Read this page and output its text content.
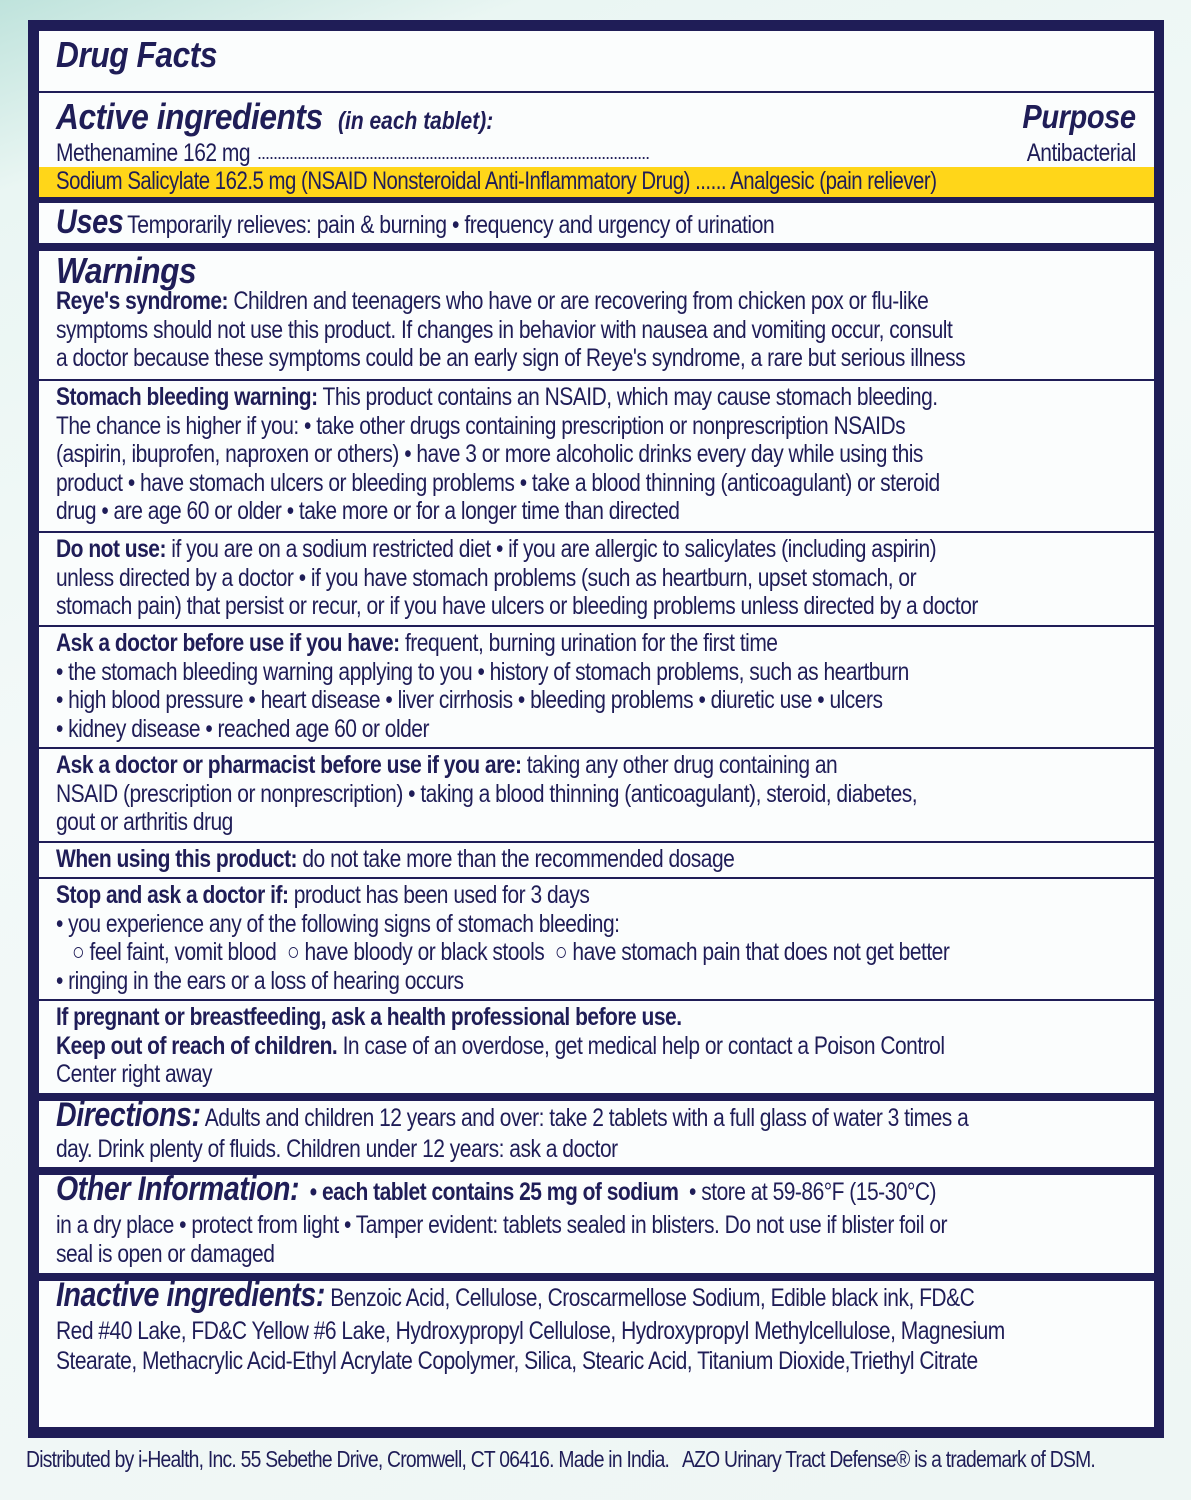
Drug Facts
Active ingredients (in each tablet):	Purpose
Methenamine 162 mg ..................................................................................................	Antibacterial
Sodium Salicylate 162.5 mg (NSAID Nonsteroidal Anti-Inflammatory Drug) ...... Analgesic (pain reliever)
Uses Temporarily relieves: pain & burning • frequency and urgency of urination
Warnings
Reye's syndrome: Children and teenagers who have or are recovering from chicken pox or flu-like
symptoms should not use this product. If changes in behavior with nausea and vomiting occur, consult
a doctor because these symptoms could be an early sign of Reye's syndrome, a rare but serious illness
Stomach bleeding warning: This product contains an NSAID, which may cause stomach bleeding.
The chance is higher if you: • take other drugs containing prescription or nonprescription NSAIDs
(aspirin, ibuprofen, naproxen or others) • have 3 or more alcoholic drinks every day while using this
product • have stomach ulcers or bleeding problems • take a blood thinning (anticoagulant) or steroid
drug • are age 60 or older • take more or for a longer time than directed
Do not use: if you are on a sodium restricted diet • if you are allergic to salicylates (including aspirin)
unless directed by a doctor • if you have stomach problems (such as heartburn, upset stomach, or
stomach pain) that persist or recur, or if you have ulcers or bleeding problems unless directed by a doctor
Ask a doctor before use if you have: frequent, burning urination for the first time
• the stomach bleeding warning applying to you • history of stomach problems, such as heartburn
• high blood pressure • heart disease • liver cirrhosis • bleeding problems • diuretic use • ulcers
• kidney disease • reached age 60 or older
Ask a doctor or pharmacist before use if you are: taking any other drug containing an
NSAID (prescription or nonprescription) • taking a blood thinning (anticoagulant), steroid, diabetes,
gout or arthritis drug
When using this product: do not take more than the recommended dosage
Stop and ask a doctor if: product has been used for 3 days
• you experience any of the following signs of stomach bleeding:
○ feel faint, vomit blood  ○ have bloody or black stools  ○ have stomach pain that does not get better
• ringing in the ears or a loss of hearing occurs
If pregnant or breastfeeding, ask a health professional before use.
Keep out of reach of children. In case of an overdose, get medical help or contact a Poison Control
Center right away
Directions: Adults and children 12 years and over: take 2 tablets with a full glass of water 3 times a
day. Drink plenty of fluids. Children under 12 years: ask a doctor
Other Information:  • each tablet contains 25 mg of sodium  • store at 59-86°F (15-30°C)
in a dry place • protect from light • Tamper evident: tablets sealed in blisters. Do not use if blister foil or
seal is open or damaged
Inactive ingredients: Benzoic Acid, Cellulose, Croscarmellose Sodium, Edible black ink, FD&C
Red #40 Lake, FD&C Yellow #6 Lake, Hydroxypropyl Cellulose, Hydroxypropyl Methylcellulose, Magnesium
Stearate, Methacrylic Acid-Ethyl Acrylate Copolymer, Silica, Stearic Acid, Titanium Dioxide,Triethyl Citrate
Distributed by i-Health, Inc. 55 Sebethe Drive, Cromwell, CT 06416. Made in India.   AZO Urinary Tract Defense® is a trademark of DSM.
